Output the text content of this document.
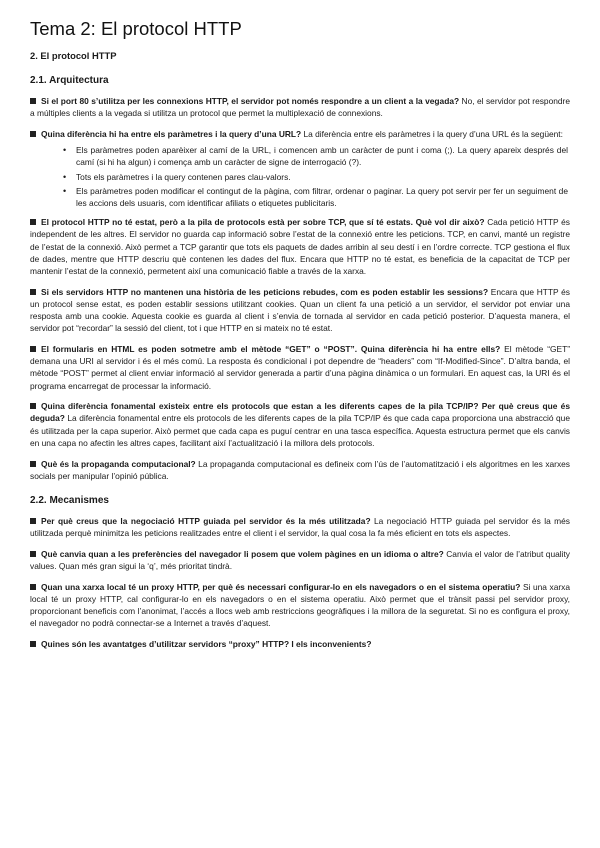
Tema 2: El protocol HTTP
2. El protocol HTTP
2.1. Arquitectura

Si el port 80 s’utilitza per les connexions HTTP, el servidor pot només respondre a un client a la vegada? No, el servidor pot respondre a múltiples clients a la vegada si utilitza un protocol que permet la multiplexació de connexions.

Quina diferència hi ha entre els paràmetres i la query d’una URL? La diferència entre els paràmetres i la query d’una URL és la següent:

• Els paràmetres poden aparèixer al camí de la URL, i comencen amb un caràcter de punt i coma (;). La query apareix després del camí (si hi ha algun) i comença amb un caràcter de signe de interrogació (?).
• Tots els paràmetres i la query contenen pares clau-valors.
• Els paràmetres poden modificar el contingut de la pàgina, com filtrar, ordenar o paginar. La query pot servir per fer un seguiment de les accions dels usuaris, com identificar afiliats o etiquetes publicitaris.

El protocol HTTP no té estat, però a la pila de protocols està per sobre TCP, que sí té estats. Què vol dir això? Cada petició HTTP és independent de les altres. El servidor no guarda cap informació sobre l’estat de la connexió entre les peticions. TCP, en canvi, manté un registre de l’estat de la connexió. Això permet a TCP garantir que tots els paquets de dades arribin al seu destí i en l’ordre correcte. TCP gestiona el flux de dades, mentre que HTTP descriu què contenen les dades del flux. Encara que HTTP no té estat, es beneficia de la capacitat de TCP per mantenir l’estat de la connexió, permetent així una comunicació fiable a través de la xarxa.

Si els servidors HTTP no mantenen una història de les peticions rebudes, com es poden establir les sessions? Encara que HTTP és un protocol sense estat, es poden establir sessions utilitzant cookies. Quan un client fa una petició a un servidor, el servidor pot enviar una resposta amb una cookie. Aquesta cookie es guarda al client i s’envia de tornada al servidor en cada petició posterior. D’aquesta manera, el servidor pot “recordar” la sessió del client, tot i que HTTP en si mateix no té estat.

El formularis en HTML es poden sotmetre amb el mètode “GET” o “POST”. Quina diferència hi ha entre ells? El mètode “GET” demana una URI al servidor i és el més comú. La resposta és condicional i pot dependre de “headers” com “If-Modified-Since”. D’altra banda, el mètode “POST” permet al client enviar informació al servidor generada a partir d’una pàgina dinàmica o un formulari. En aquest cas, la URI és el programa encarregat de processar la informació.

Quina diferència fonamental existeix entre els protocols que estan a les diferents capes de la pila TCP/IP? Per què creus que és deguda? La diferència fonamental entre els protocols de les diferents capes de la pila TCP/IP és que cada capa proporciona una abstracció que és utilitzada per la capa superior. Això permet que cada capa es puguí centrar en una tasca específica. Aquesta estructura permet que els canvis en una capa no afectin les altres capes, facilitant així l’actualització i la millora dels protocols.

Què és la propaganda computacional? La propaganda computacional es defineix com l’ús de l’automatització i els algoritmes en les xarxes socials per manipular l’opinió pública.

2.2. Mecanismes

Per què creus que la negociació HTTP guiada pel servidor és la més utilitzada? La negociació HTTP guiada pel servidor és la més utilitzada perquè minimitza les peticions realitzades entre el client i el servidor, la qual cosa la fa més eficient en tots els aspectes.

Què canvia quan a les preferències del navegador li posem que volem pàgines en un idioma o altre? Canvia el valor de l’atribut quality values. Quan més gran sigui la ‘q’, més prioritat tindrà.

Quan una xarxa local té un proxy HTTP, per què és necessari configurar-lo en els navegadors o en el sistema operatiu? Si una xarxa local té un proxy HTTP, cal configurar-lo en els navegadors o en el sistema operatiu. Això permet que el trànsit passi pel servidor proxy, proporcionant beneficis com l’anonimat, l’accés a llocs web amb restriccions geogràfiques i la millora de la seguretat. Si no es configura el proxy, el navegador no podrà connectar-se a Internet a través d’aquest.

Quines són les avantatges d’utilitzar servidors “proxy” HTTP? I els inconvenients?
